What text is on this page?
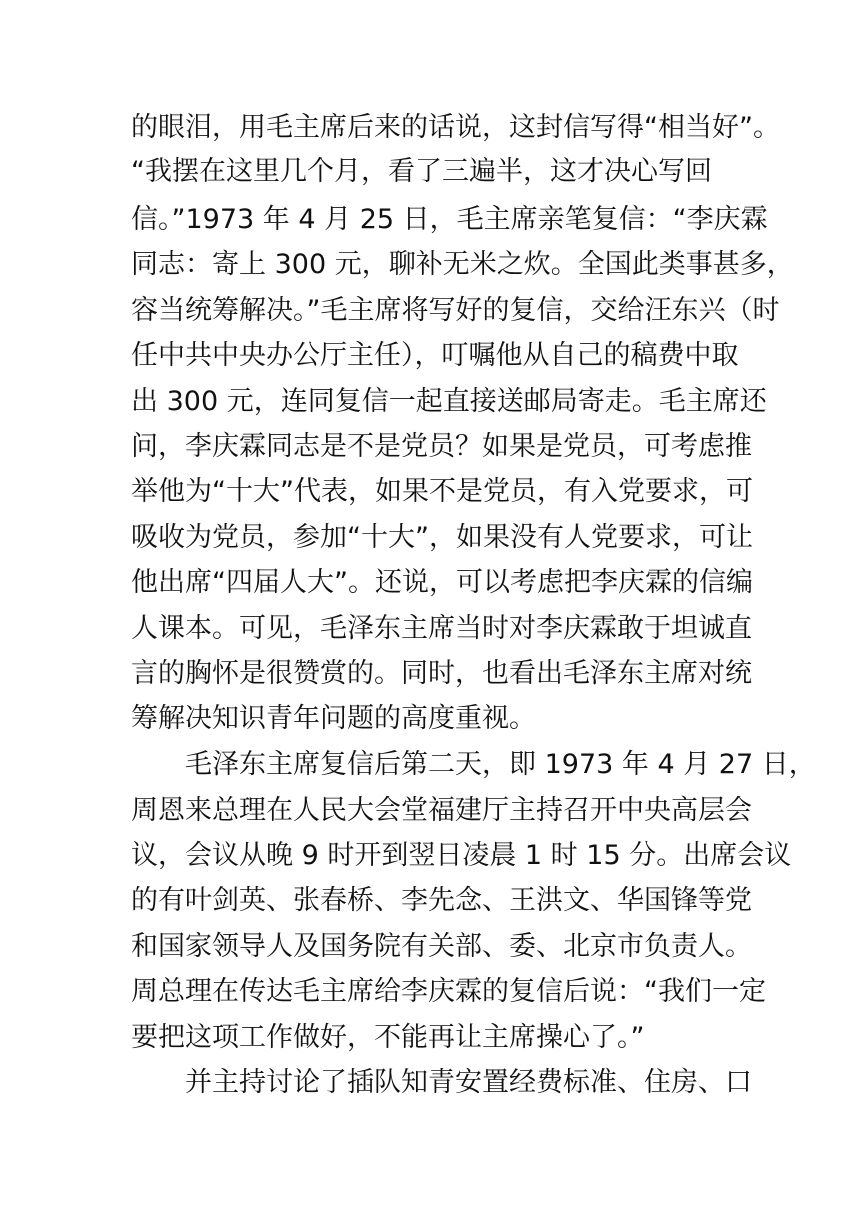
的眼泪，用毛主席后来的话说，这封信写得“相当好”。
“我摆在这里几个月，看了三遍半，这才决心写回
信。”1973 年 4 月 25 日，毛主席亲笔复信：“李庆霖
同志：寄上 300 元，聊补无米之炊。全国此类事甚多，
容当统筹解决。”毛主席将写好的复信，交给汪东兴（时
任中共中央办公厅主任），叮嘱他从自己的稿费中取
出 300 元，连同复信一起直接送邮局寄走。毛主席还
问，李庆霖同志是不是党员？如果是党员，可考虑推
举他为“十大”代表，如果不是党员，有入党要求，可
吸收为党员，参加“十大”，如果没有人党要求，可让
他出席“四届人大”。还说，可以考虑把李庆霖的信编
人课本。可见，毛泽东主席当时对李庆霖敢于坦诚直
言的胸怀是很赞赏的。同时，也看出毛泽东主席对统
筹解决知识青年问题的高度重视。
毛泽东主席复信后第二天，即 1973 年 4 月 27 日，
周恩来总理在人民大会堂福建厅主持召开中央高层会
议，会议从晚 9 时开到翌日凌晨 1 时 15 分。出席会议
的有叶剑英、张春桥、李先念、王洪文、华国锋等党
和国家领导人及国务院有关部、委、北京市负责人。
周总理在传达毛主席给李庆霖的复信后说：“我们一定
要把这项工作做好，不能再让主席操心了。”
并主持讨论了插队知青安置经费标准、住房、口
